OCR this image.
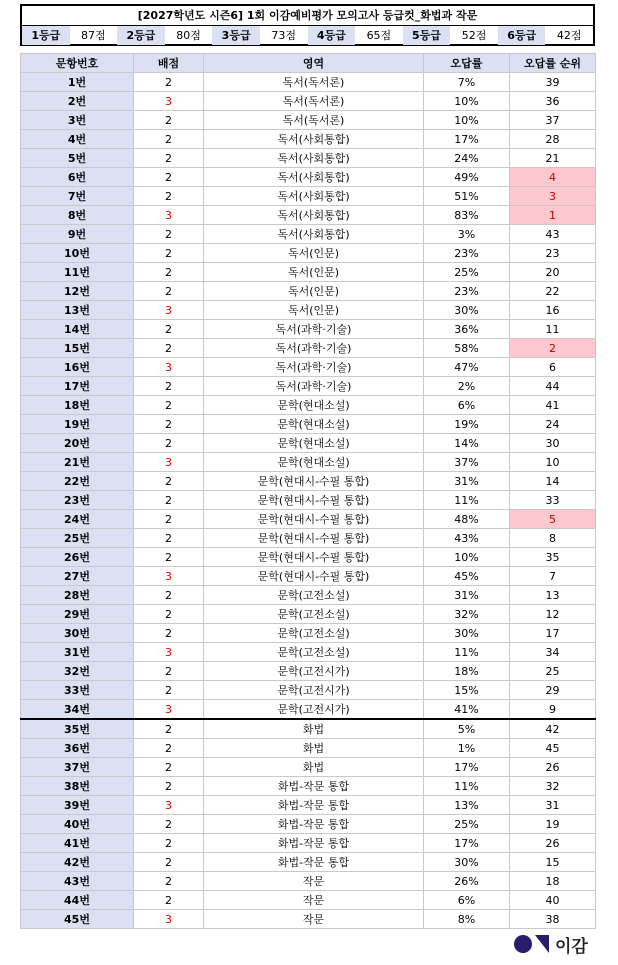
[2027학년도 시즌6] 1회 이감예비평가 모의고사 등급컷_화법과 작문
1등급	87점	2등급	80점	3등급	73점	4등급	65점	5등급	52점	6등급	42점
문항번호	배점	영역	오답률	오답률 순위
1번	2	독서(독서론)	7%	39
2번	3	독서(독서론)	10%	36
3번	2	독서(독서론)	10%	37
4번	2	독서(사회통합)	17%	28
5번	2	독서(사회통합)	24%	21
6번	2	독서(사회통합)	49%	4
7번	2	독서(사회통합)	51%	3
8번	3	독서(사회통합)	83%	1
9번	2	독서(사회통합)	3%	43
10번	2	독서(인문)	23%	23
11번	2	독서(인문)	25%	20
12번	2	독서(인문)	23%	22
13번	3	독서(인문)	30%	16
14번	2	독서(과학·기술)	36%	11
15번	2	독서(과학·기술)	58%	2
16번	3	독서(과학·기술)	47%	6
17번	2	독서(과학·기술)	2%	44
18번	2	문학(현대소설)	6%	41
19번	2	문학(현대소설)	19%	24
20번	2	문학(현대소설)	14%	30
21번	3	문학(현대소설)	37%	10
22번	2	문학(현대시-수필 통합)	31%	14
23번	2	문학(현대시-수필 통합)	11%	33
24번	2	문학(현대시-수필 통합)	48%	5
25번	2	문학(현대시-수필 통합)	43%	8
26번	2	문학(현대시-수필 통합)	10%	35
27번	3	문학(현대시-수필 통합)	45%	7
28번	2	문학(고전소설)	31%	13
29번	2	문학(고전소설)	32%	12
30번	2	문학(고전소설)	30%	17
31번	3	문학(고전소설)	11%	34
32번	2	문학(고전시가)	18%	25
33번	2	문학(고전시가)	15%	29
34번	3	문학(고전시가)	41%	9
35번	2	화법	5%	42
36번	2	화법	1%	45
37번	2	화법	17%	26
38번	2	화법-작문 통합	11%	32
39번	3	화법-작문 통합	13%	31
40번	2	화법-작문 통합	25%	19
41번	2	화법-작문 통합	17%	26
42번	2	화법-작문 통합	30%	15
43번	2	작문	26%	18
44번	2	작문	6%	40
45번	3	작문	8%	38
이감
